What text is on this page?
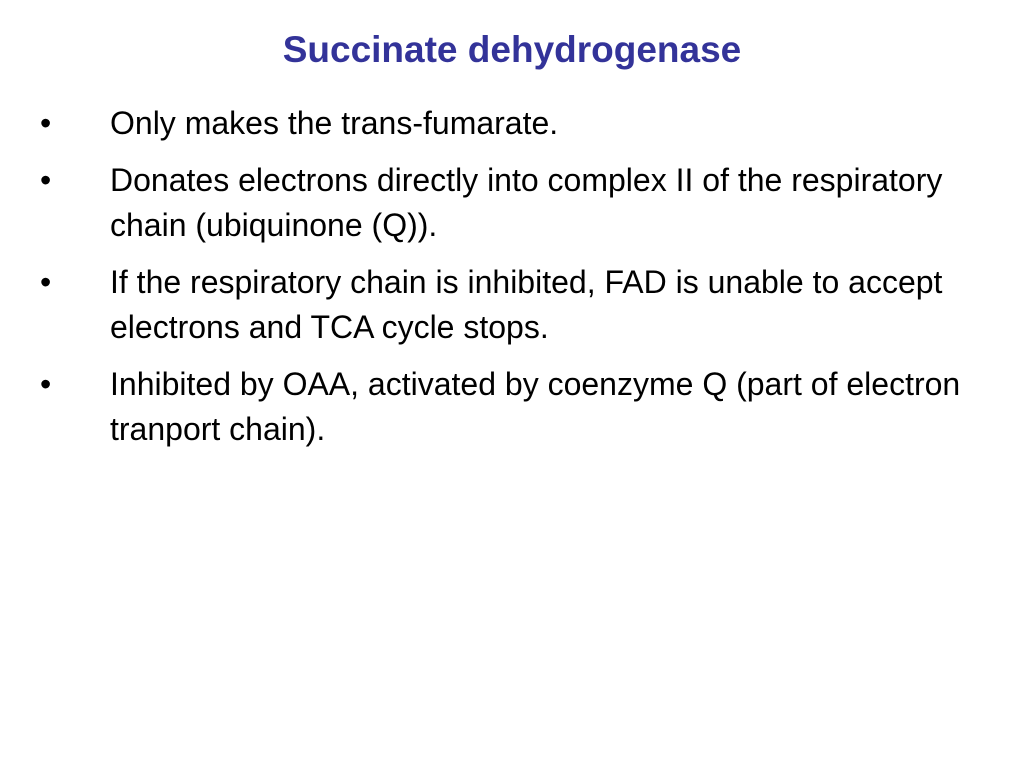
Succinate dehydrogenase
• Only makes the trans-fumarate.
• Donates electrons directly into complex II of the respiratory chain (ubiquinone (Q)).
• If the respiratory chain is inhibited, FAD is unable to accept electrons and TCA cycle stops.
• Inhibited by OAA, activated by coenzyme Q (part of electron tranport chain).
